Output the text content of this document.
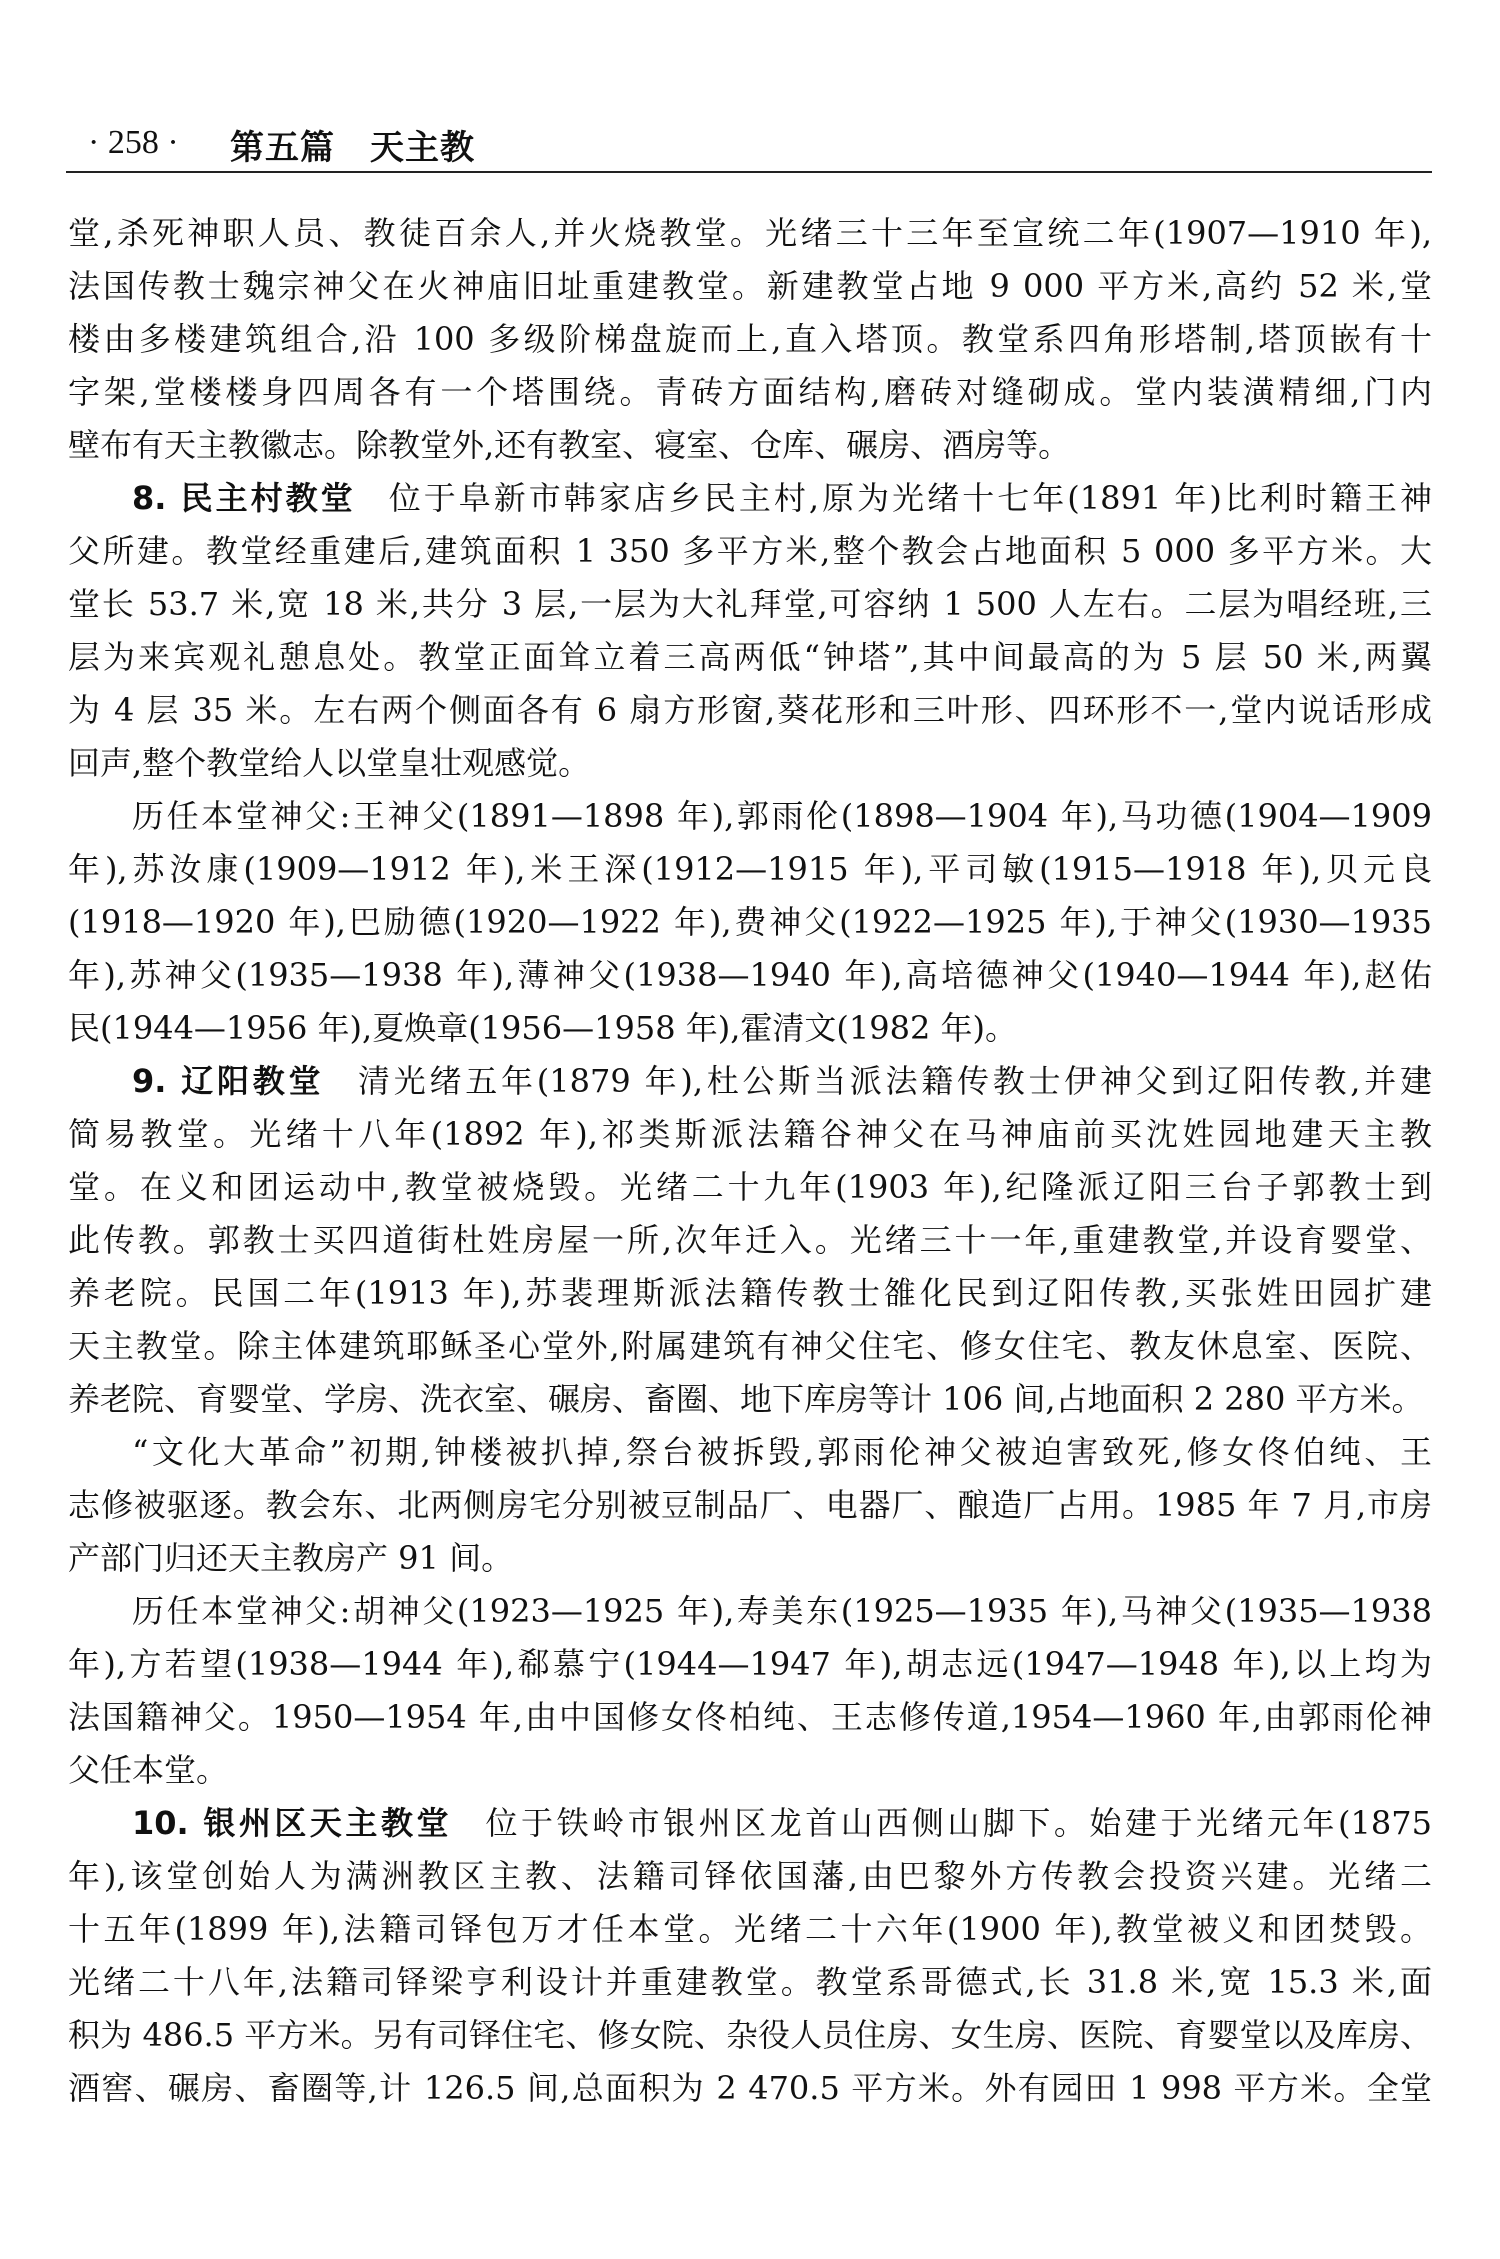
· 258 · 第五篇　天主教
堂,杀死神职人员、教徒百余人,并火烧教堂。光绪三十三年至宣统二年(1907—1910 年),
法国传教士魏宗神父在火神庙旧址重建教堂。新建教堂占地 9 000 平方米,高约 52 米,堂
楼由多楼建筑组合,沿 100 多级阶梯盘旋而上,直入塔顶。教堂系四角形塔制,塔顶嵌有十
字架,堂楼楼身四周各有一个塔围绕。青砖方面结构,磨砖对缝砌成。堂内装潢精细,门内
壁布有天主教徽志。除教堂外,还有教室、寝室、仓库、碾房、酒房等。
8. 民主村教堂 位于阜新市韩家店乡民主村,原为光绪十七年(1891 年)比利时籍王神
父所建。教堂经重建后,建筑面积 1 350 多平方米,整个教会占地面积 5 000 多平方米。大
堂长 53.7 米,宽 18 米,共分 3 层,一层为大礼拜堂,可容纳 1 500 人左右。二层为唱经班,三
层为来宾观礼憩息处。教堂正面耸立着三高两低“钟塔”,其中间最高的为 5 层 50 米,两翼
为 4 层 35 米。左右两个侧面各有 6 扇方形窗,葵花形和三叶形、四环形不一,堂内说话形成
回声,整个教堂给人以堂皇壮观感觉。
历任本堂神父:王神父(1891—1898 年),郭雨伦(1898—1904 年),马功德(1904—1909
年),苏汝康(1909—1912 年),米王深(1912—1915 年),平司敏(1915—1918 年),贝元良
(1918—1920 年),巴励德(1920—1922 年),费神父(1922—1925 年),于神父(1930—1935
年),苏神父(1935—1938 年),薄神父(1938—1940 年),高培德神父(1940—1944 年),赵佑
民(1944—1956 年),夏焕章(1956—1958 年),霍清文(1982 年)。
9. 辽阳教堂 清光绪五年(1879 年),杜公斯当派法籍传教士伊神父到辽阳传教,并建
简易教堂。光绪十八年(1892 年),祁类斯派法籍谷神父在马神庙前买沈姓园地建天主教
堂。在义和团运动中,教堂被烧毁。光绪二十九年(1903 年),纪隆派辽阳三台子郭教士到
此传教。郭教士买四道街杜姓房屋一所,次年迁入。光绪三十一年,重建教堂,并设育婴堂、
养老院。民国二年(1913 年),苏裴理斯派法籍传教士雒化民到辽阳传教,买张姓田园扩建
天主教堂。除主体建筑耶稣圣心堂外,附属建筑有神父住宅、修女住宅、教友休息室、医院、
养老院、育婴堂、学房、洗衣室、碾房、畜圈、地下库房等计 106 间,占地面积 2 280 平方米。
“文化大革命”初期,钟楼被扒掉,祭台被拆毁,郭雨伦神父被迫害致死,修女佟伯纯、王
志修被驱逐。教会东、北两侧房宅分别被豆制品厂、电器厂、酿造厂占用。1985 年 7 月,市房
产部门归还天主教房产 91 间。
历任本堂神父:胡神父(1923—1925 年),寿美东(1925—1935 年),马神父(1935—1938
年),方若望(1938—1944 年),郗慕宁(1944—1947 年),胡志远(1947—1948 年),以上均为
法国籍神父。1950—1954 年,由中国修女佟柏纯、王志修传道,1954—1960 年,由郭雨伦神
父任本堂。
10. 银州区天主教堂 位于铁岭市银州区龙首山西侧山脚下。始建于光绪元年(1875
年),该堂创始人为满洲教区主教、法籍司铎依国藩,由巴黎外方传教会投资兴建。光绪二
十五年(1899 年),法籍司铎包万才任本堂。光绪二十六年(1900 年),教堂被义和团焚毁。
光绪二十八年,法籍司铎梁亨利设计并重建教堂。教堂系哥德式,长 31.8 米,宽 15.3 米,面
积为 486.5 平方米。另有司铎住宅、修女院、杂役人员住房、女生房、医院、育婴堂以及库房、
酒窖、碾房、畜圈等,计 126.5 间,总面积为 2 470.5 平方米。外有园田 1 998 平方米。全堂
